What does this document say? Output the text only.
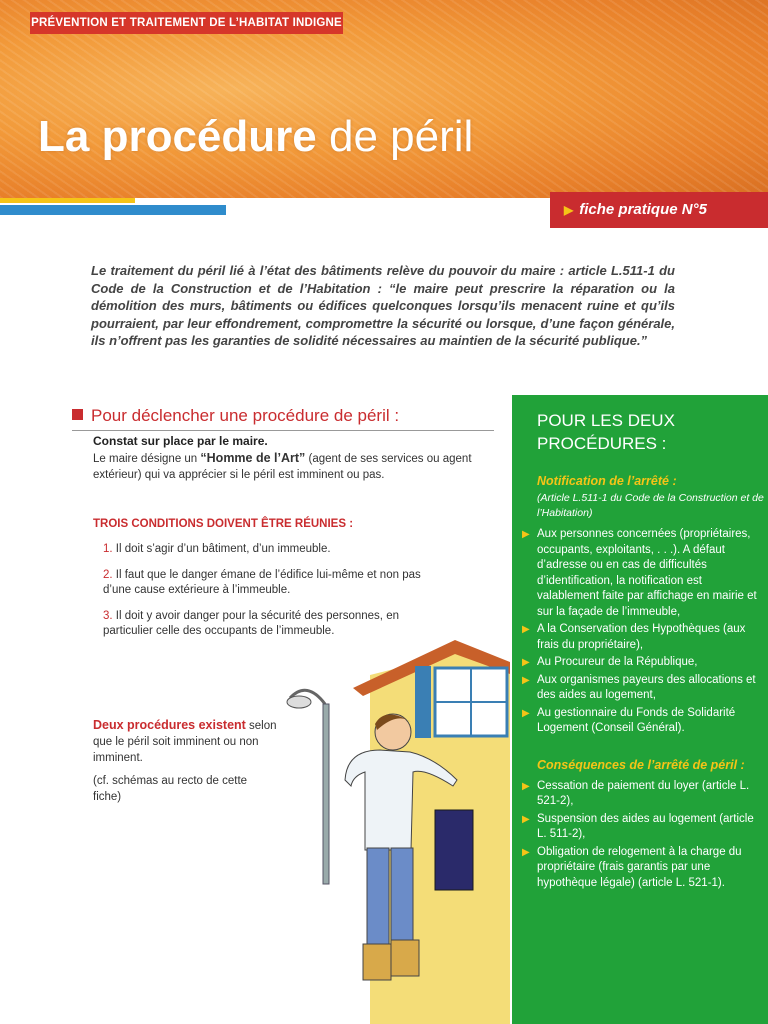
PRÉVENTION ET TRAITEMENT DE L’HABITAT INDIGNE
La procédure de péril
▶ fiche pratique N°5

Le traitement du péril lié à l’état des bâtiments relève du pouvoir du maire : article L.511-1 du Code de la Construction et de l’Habitation : “le maire peut prescrire la réparation ou la démolition des murs, bâtiments ou édifices quelconques lorsqu’ils menacent ruine et qu’ils pourraient, par leur effondrement, compromettre la sécurité ou lorsque, d’une façon générale, ils n’offrent pas les garanties de solidité nécessaires au maintien de la sécurité publique.”

Pour déclencher une procédure de péril :

Constat sur place par le maire.

Le maire désigne un “Homme de l’Art” (agent de ses services ou agent extérieur) qui va apprécier si le péril est imminent ou pas.

TROIS CONDITIONS DOIVENT ÊTRE RÉUNIES :

1. Il doit s’agir d’un bâtiment, d’un immeuble.
2. Il faut que le danger émane de l’édifice lui-même et non pas d’une cause extérieure à l’immeuble.
3. Il doit y avoir danger pour la sécurité des personnes, en particulier celle des occupants de l’immeuble.

Deux procédures existent selon que le péril soit imminent ou non imminent.

(cf. schémas au recto de cette fiche)

POUR LES DEUX PROCÉDURES :

Notification de l’arrêté :

(Article L.511-1 du Code de la Construction et de l’Habitation)

▶ Aux personnes concernées (propriétaires, occupants, exploitants, . . .). A défaut d’adresse ou en cas de difficultés d’identification, la notification est valablement faite par affichage en mairie et sur la façade de l’immeuble,
▶ A la Conservation des Hypothèques (aux frais du propriétaire),
▶ Au Procureur de la République,
▶ Aux organismes payeurs des allocations et des aides au logement,
▶ Au gestionnaire du Fonds de Solidarité Logement (Conseil Général).

Conséquences de l’arrêté de péril :

▶ Cessation de paiement du loyer (article L. 521-2),
▶ Suspension des aides au logement (article L. 511-2),
▶ Obligation de relogement à la charge du propriétaire (frais garantis par une hypothèque légale) (article L. 521-1).
